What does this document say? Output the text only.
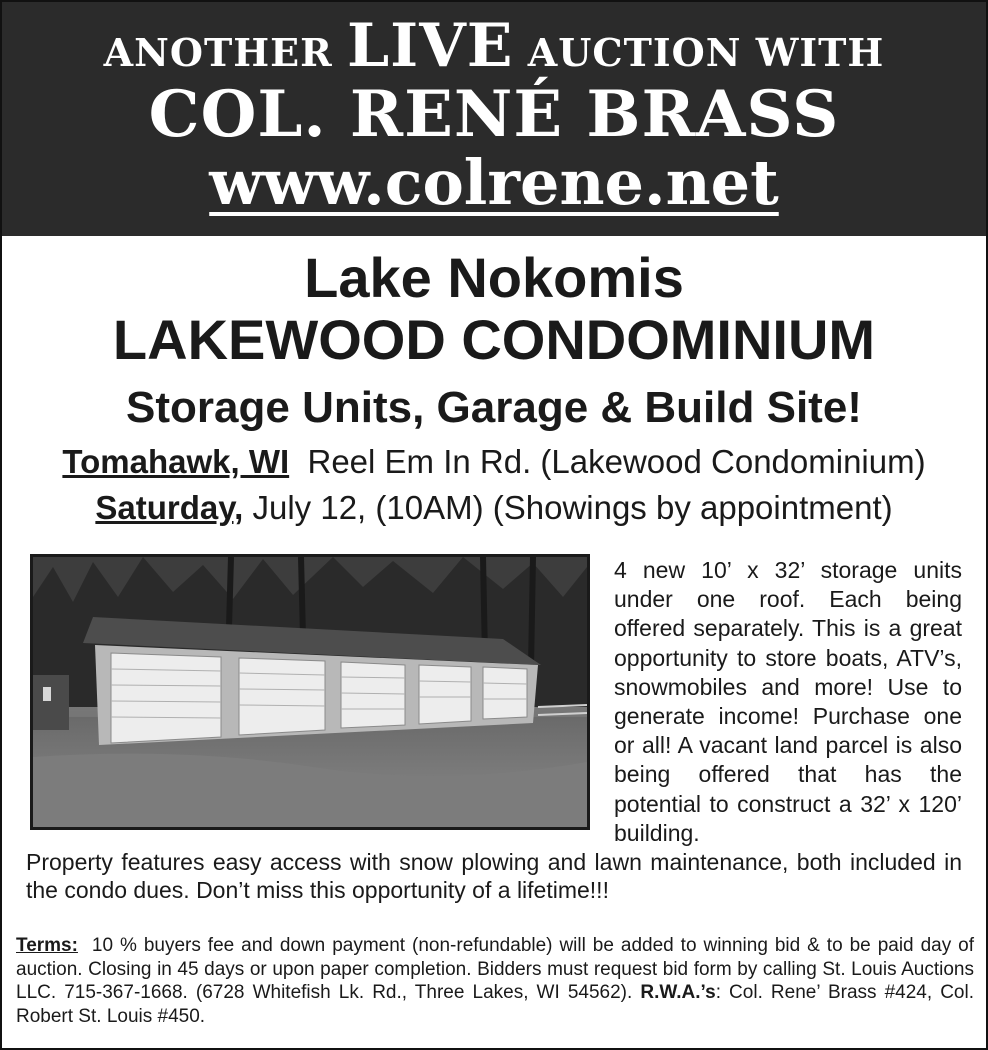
ANOTHER LIVE AUCTION WITH
COL. RENÉ BRASS
www.colrene.net
Lake Nokomis
LAKEWOOD CONDOMINIUM
Storage Units, Garage & Build Site!
Tomahawk, WI Reel Em In Rd. (Lakewood Condominium)
Saturday, July 12, (10AM) (Showings by appointment)
4 new 10’ x 32’ storage units under one roof. Each being offered separately. This is a great opportunity to store boats, ATV’s, snowmobiles and more! Use to generate income! Purchase one or all! A vacant land parcel is also being offered that has the potential to construct a 32’ x 120’ building.
Property features easy access with snow plowing and lawn maintenance, both included in the condo dues. Don’t miss this opportunity of a lifetime!!!
Terms: 10 % buyers fee and down payment (non-refundable) will be added to winning bid & to be paid day of auction. Closing in 45 days or upon paper completion. Bidders must request bid form by calling St. Louis Auctions LLC. 715-367-1668. (6728 Whitefish Lk. Rd., Three Lakes, WI 54562). R.W.A.’s: Col. Rene’ Brass #424, Col. Robert St. Louis #450.
